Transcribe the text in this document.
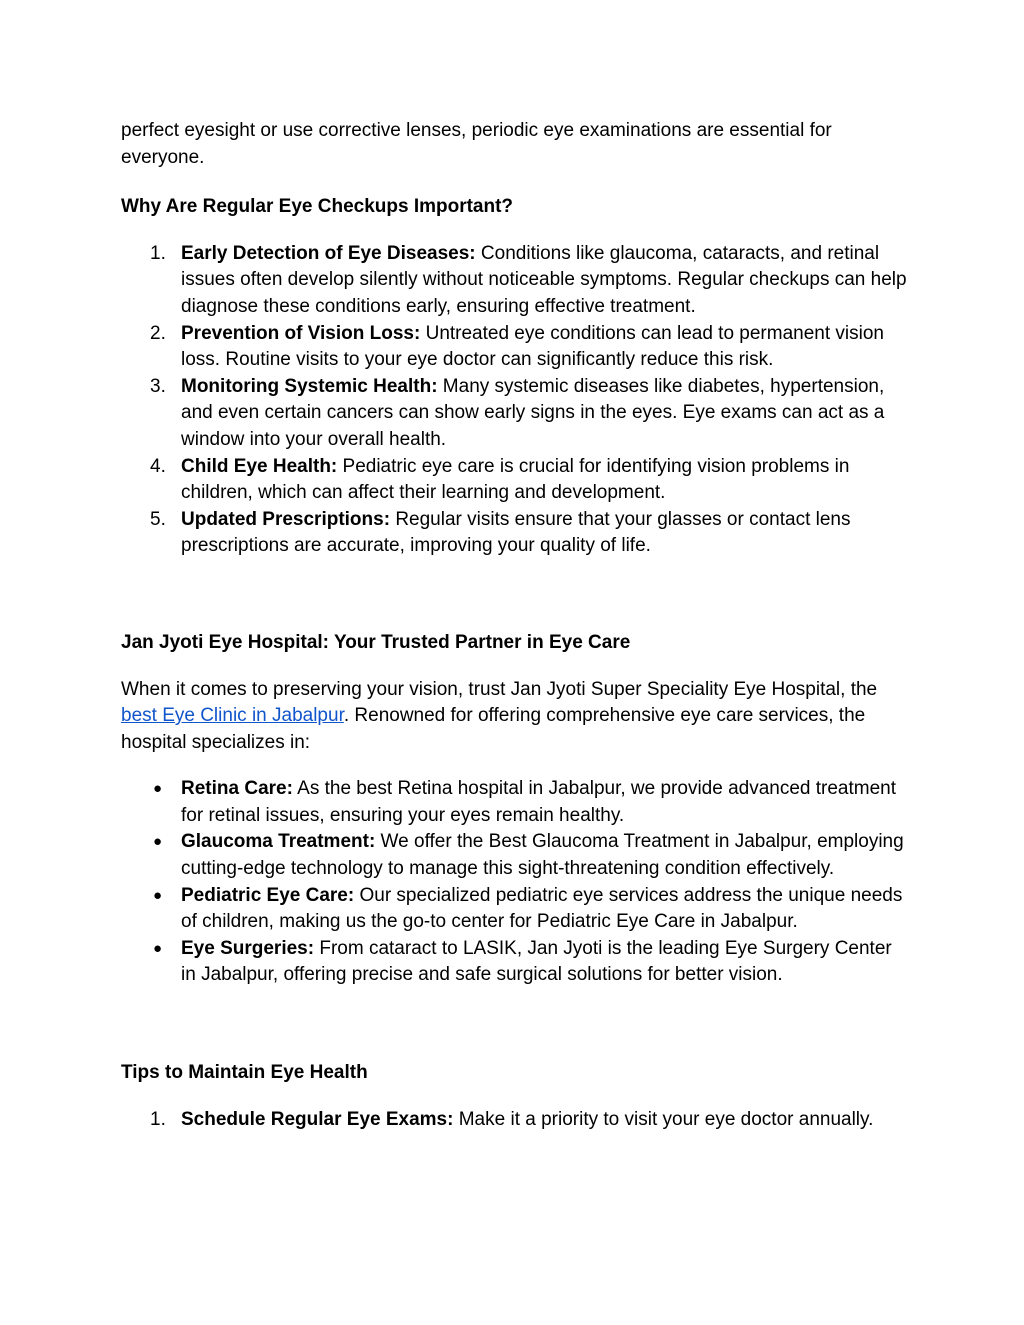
perfect eyesight or use corrective lenses, periodic eye examinations are essential for everyone.

Why Are Regular Eye Checkups Important?

1. Early Detection of Eye Diseases: Conditions like glaucoma, cataracts, and retinal issues often develop silently without noticeable symptoms. Regular checkups can help diagnose these conditions early, ensuring effective treatment.
2. Prevention of Vision Loss: Untreated eye conditions can lead to permanent vision loss. Routine visits to your eye doctor can significantly reduce this risk.
3. Monitoring Systemic Health: Many systemic diseases like diabetes, hypertension, and even certain cancers can show early signs in the eyes. Eye exams can act as a window into your overall health.
4. Child Eye Health: Pediatric eye care is crucial for identifying vision problems in children, which can affect their learning and development.
5. Updated Prescriptions: Regular visits ensure that your glasses or contact lens prescriptions are accurate, improving your quality of life.

Jan Jyoti Eye Hospital: Your Trusted Partner in Eye Care

When it comes to preserving your vision, trust Jan Jyoti Super Speciality Eye Hospital, the best Eye Clinic in Jabalpur. Renowned for offering comprehensive eye care services, the hospital specializes in:

● Retina Care: As the best Retina hospital in Jabalpur, we provide advanced treatment for retinal issues, ensuring your eyes remain healthy.
● Glaucoma Treatment: We offer the Best Glaucoma Treatment in Jabalpur, employing cutting-edge technology to manage this sight-threatening condition effectively.
● Pediatric Eye Care: Our specialized pediatric eye services address the unique needs of children, making us the go-to center for Pediatric Eye Care in Jabalpur.
● Eye Surgeries: From cataract to LASIK, Jan Jyoti is the leading Eye Surgery Center in Jabalpur, offering precise and safe surgical solutions for better vision.

Tips to Maintain Eye Health

1. Schedule Regular Eye Exams: Make it a priority to visit your eye doctor annually.
